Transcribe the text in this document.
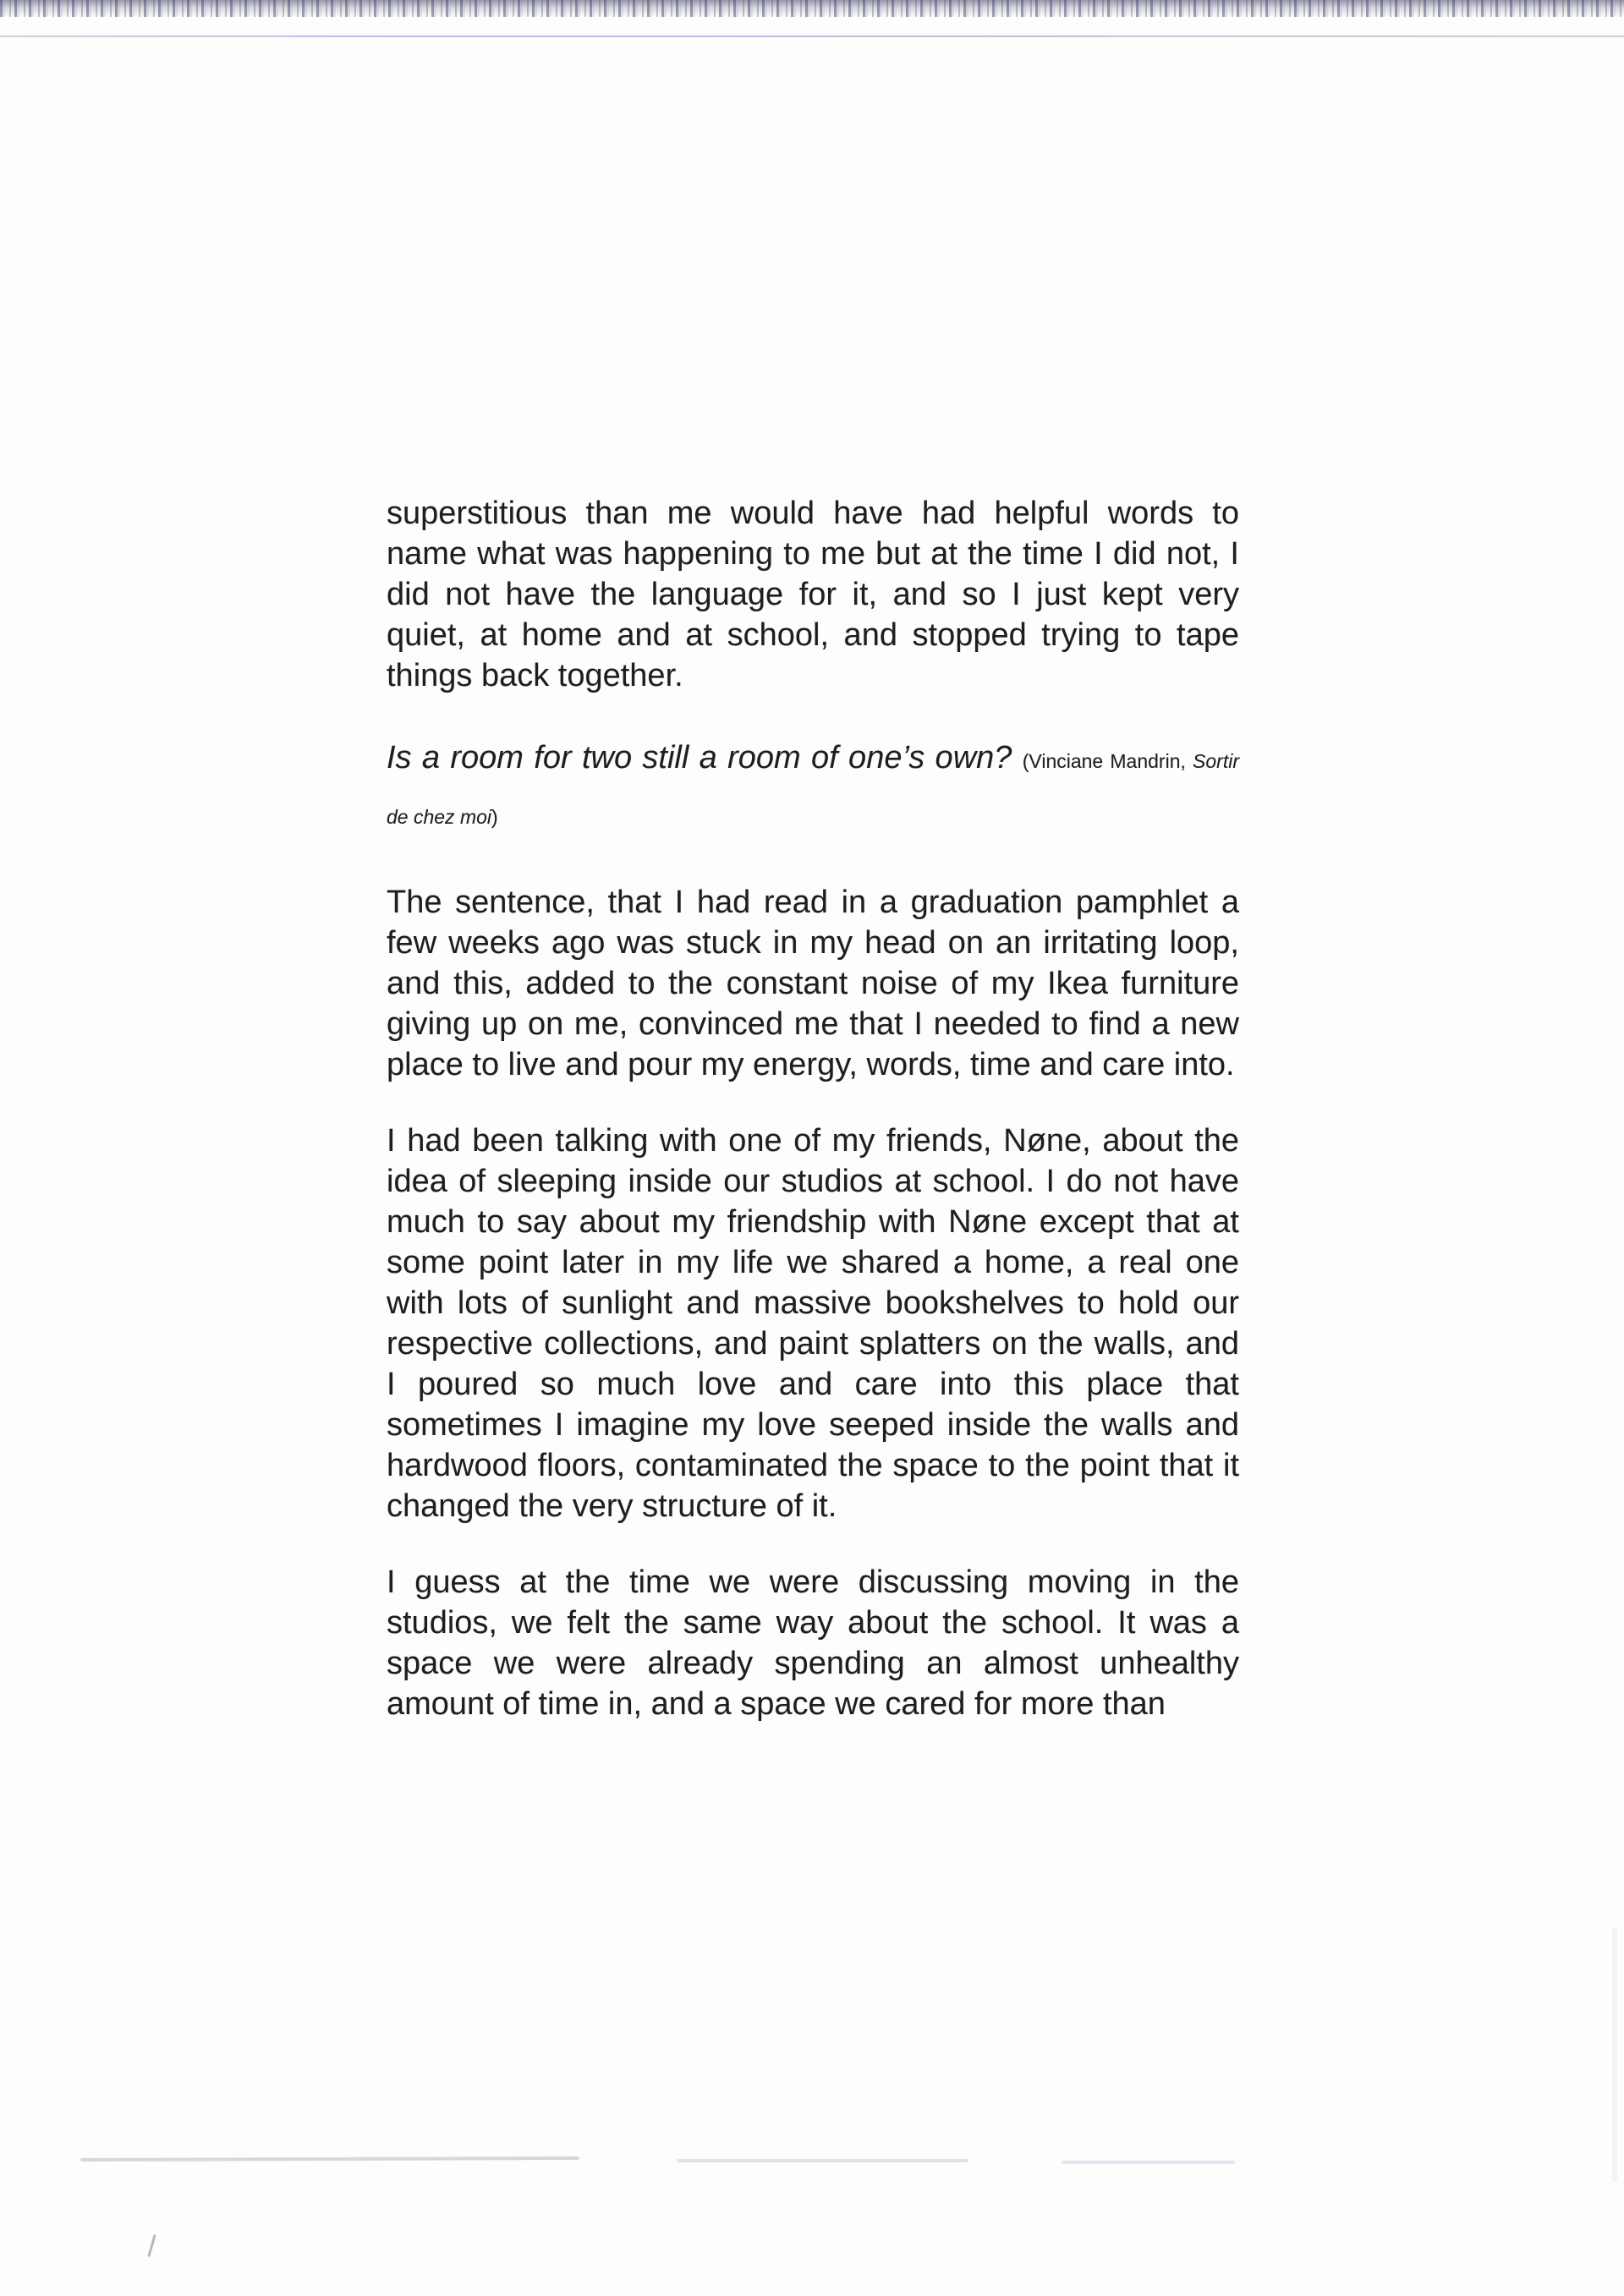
superstitious than me would have had helpful words to name what was happening to me but at the time I did not, I did not have the language for it, and so I just kept very quiet, at home and at school, and stopped trying to tape things back together.

Is a room for two still a room of one’s own? (Vinciane Mandrin, Sortir de chez moi)

The sentence, that I had read in a graduation pamphlet a few weeks ago was stuck in my head on an irritating loop, and this, added to the constant noise of my Ikea furniture giving up on me, convinced me that I needed to find a new place to live and pour my energy, words, time and care into.

I had been talking with one of my friends, Nøne, about the idea of sleeping inside our studios at school. I do not have much to say about my friendship with Nøne except that at some point later in my life we shared a home, a real one with lots of sunlight and massive bookshelves to hold our respective collections, and paint splatters on the walls, and I poured so much love and care into this place that sometimes I imagine my love seeped inside the walls and hardwood floors, contaminated the space to the point that it changed the very structure of it.

I guess at the time we were discussing moving in the studios, we felt the same way about the school. It was a space we were already spending an almost unhealthy amount of time in, and a space we cared for more than
